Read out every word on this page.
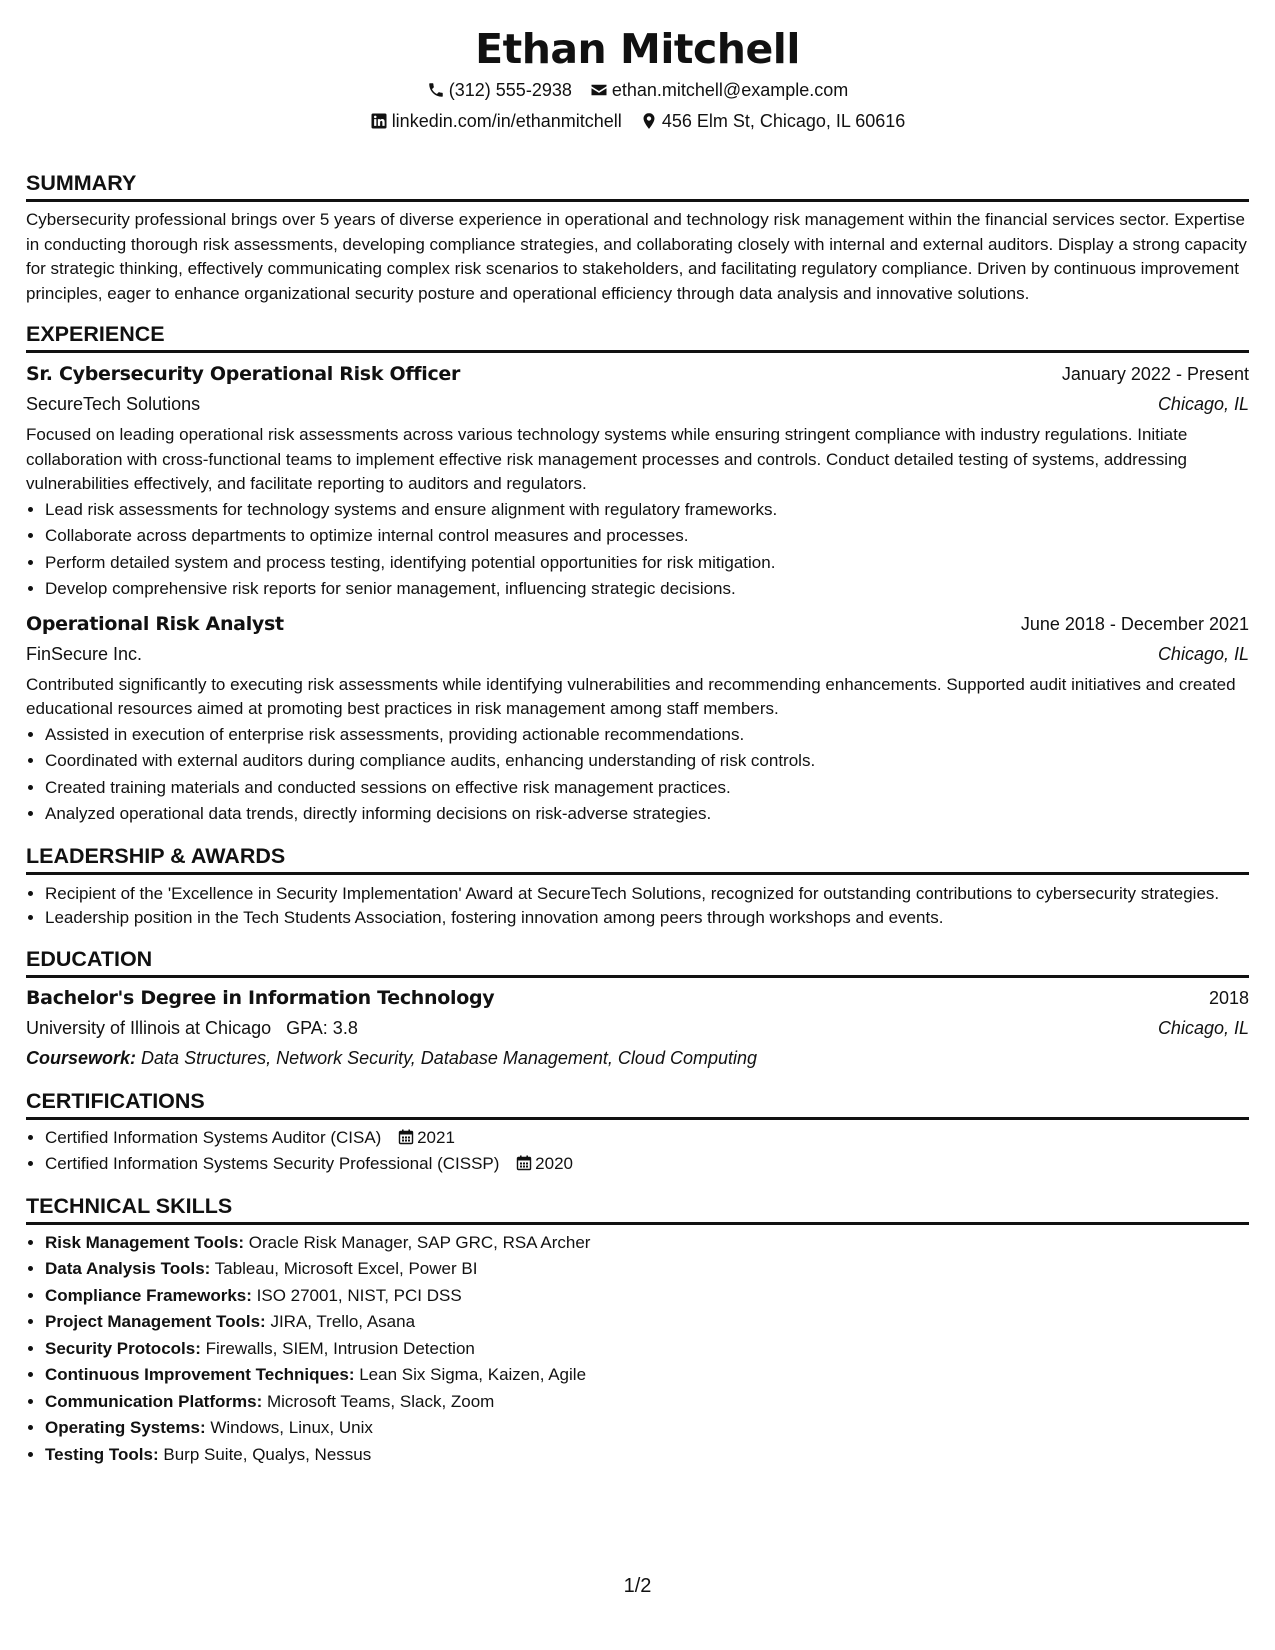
Ethan Mitchell
(312) 555-2938 ethan.mitchell@example.com
linkedin.com/in/ethanmitchell 456 Elm St, Chicago, IL 60616
SUMMARY

Cybersecurity professional brings over 5 years of diverse experience in operational and technology risk management within the financial services sector. Expertise in conducting thorough risk assessments, developing compliance strategies, and collaborating closely with internal and external auditors. Display a strong capacity for strategic thinking, effectively communicating complex risk scenarios to stakeholders, and facilitating regulatory compliance. Driven by continuous improvement principles, eager to enhance organizational security posture and operational efficiency through data analysis and innovative solutions.

EXPERIENCE
Sr. Cybersecurity Operational Risk Officer	January 2022 - Present
SecureTech Solutions	Chicago, IL

Focused on leading operational risk assessments across various technology systems while ensuring stringent compliance with industry regulations. Initiate collaboration with cross-functional teams to implement effective risk management processes and controls. Conduct detailed testing of systems, addressing vulnerabilities effectively, and facilitate reporting to auditors and regulators.

• Lead risk assessments for technology systems and ensure alignment with regulatory frameworks.
• Collaborate across departments to optimize internal control measures and processes.
• Perform detailed system and process testing, identifying potential opportunities for risk mitigation.
• Develop comprehensive risk reports for senior management, influencing strategic decisions.
Operational Risk Analyst	June 2018 - December 2021
FinSecure Inc.	Chicago, IL

Contributed significantly to executing risk assessments while identifying vulnerabilities and recommending enhancements. Supported audit initiatives and created educational resources aimed at promoting best practices in risk management among staff members.

• Assisted in execution of enterprise risk assessments, providing actionable recommendations.
• Coordinated with external auditors during compliance audits, enhancing understanding of risk controls.
• Created training materials and conducted sessions on effective risk management practices.
• Analyzed operational data trends, directly informing decisions on risk-adverse strategies.
LEADERSHIP & AWARDS
• Recipient of the 'Excellence in Security Implementation' Award at SecureTech Solutions, recognized for outstanding contributions to cybersecurity strategies.
• Leadership position in the Tech Students Association, fostering innovation among peers through workshops and events.
EDUCATION
Bachelor's Degree in Information Technology	2018
University of Illinois at Chicago GPA: 3.8	Chicago, IL
Coursework: Data Structures, Network Security, Database Management, Cloud Computing
CERTIFICATIONS
• Certified Information Systems Auditor (CISA) 2021
• Certified Information Systems Security Professional (CISSP) 2020
TECHNICAL SKILLS
• Risk Management Tools: Oracle Risk Manager, SAP GRC, RSA Archer
• Data Analysis Tools: Tableau, Microsoft Excel, Power BI
• Compliance Frameworks: ISO 27001, NIST, PCI DSS
• Project Management Tools: JIRA, Trello, Asana
• Security Protocols: Firewalls, SIEM, Intrusion Detection
• Continuous Improvement Techniques: Lean Six Sigma, Kaizen, Agile
• Communication Platforms: Microsoft Teams, Slack, Zoom
• Operating Systems: Windows, Linux, Unix
• Testing Tools: Burp Suite, Qualys, Nessus
1/2
